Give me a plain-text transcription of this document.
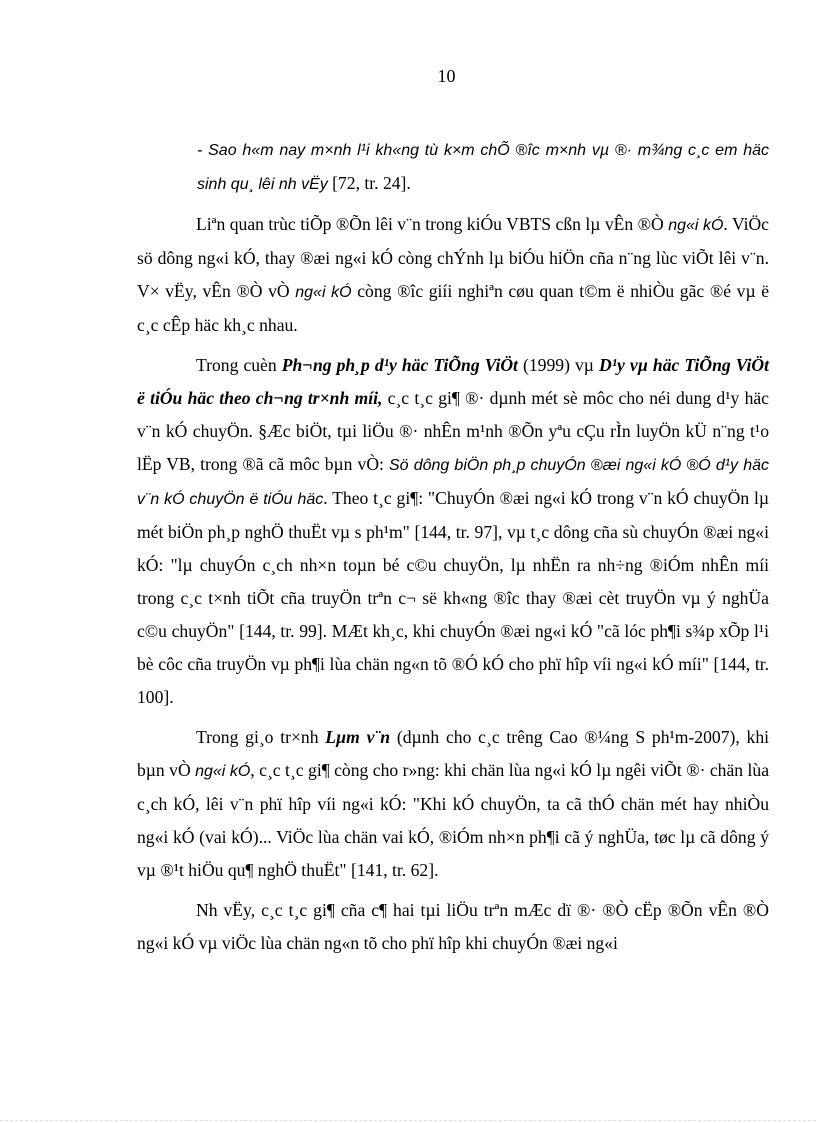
10

- Sao h«m nay m×nh l¹i kh«ng tù k×m chÕ ®îc m×nh vµ ®· m¾ng c¸c em häc sinh qu¸ lêi nh vËy [72, tr. 24].

Liªn quan trùc tiÕp ®Õn lêi v¨n trong kiÓu VBTS cßn lµ vÊn ®Ò ng«i kÓ. ViÖc sö dông ng«i kÓ, thay ®æi ng«i kÓ còng chÝnh lµ biÓu hiÖn cña n¨ng lùc viÕt lêi v¨n. V× vËy, vÊn ®Ò vÒ ng«i kÓ còng ®îc giíi nghiªn cøu quan t©m ë nhiÒu gãc ®é vµ ë c¸c cÊp häc kh¸c nhau.

Trong cuèn Ph¬ng ph¸p d¹y häc TiÕng ViÖt (1999) vµ D¹y vµ häc TiÕng ViÖt ë tiÓu häc theo ch¬ng tr×nh míi, c¸c t¸c gi¶ ®· dµnh mét sè môc cho néi dung d¹y häc v¨n kÓ chuyÖn. §Æc biÖt, tµi liÖu ®· nhÊn m¹nh ®Õn yªu cÇu rÌn luyÖn kÜ n¨ng t¹o lËp VB, trong ®ã cã môc bµn vÒ: Sö dông biÖn ph¸p chuyÓn ®æi ng«i kÓ ®Ó d¹y häc v¨n kÓ chuyÖn ë tiÓu häc. Theo t¸c gi¶: "ChuyÓn ®æi ng«i kÓ trong v¨n kÓ chuyÖn lµ mét biÖn ph¸p nghÖ thuËt vµ s ph¹m" [144, tr. 97], vµ t¸c dông cña sù chuyÓn ®æi ng«i kÓ: "lµ chuyÓn c¸ch nh×n toµn bé c©u chuyÖn, lµ nhËn ra nh÷ng ®iÓm nhÊn míi trong c¸c t×nh tiÕt cña truyÖn trªn c¬ së kh«ng ®îc thay ®æi cèt truyÖn vµ ý nghÜa c©u chuyÖn" [144, tr. 99]. MÆt kh¸c, khi chuyÓn ®æi ng«i kÓ "cã lóc ph¶i s¾p xÕp l¹i bè côc cña truyÖn vµ ph¶i lùa chän ng«n tõ ®Ó kÓ cho phï hîp víi ng«i kÓ míi" [144, tr. 100].

Trong gi¸o tr×nh Lµm v¨n (dµnh cho c¸c trêng Cao ®¼ng S ph¹m-2007), khi bµn vÒ ng«i kÓ, c¸c t¸c gi¶ còng cho r»ng: khi chän lùa ng«i kÓ lµ ngêi viÕt ®· chän lùa c¸ch kÓ, lêi v¨n phï hîp víi ng«i kÓ: "Khi kÓ chuyÖn, ta cã thÓ chän mét hay nhiÒu ng«i kÓ (vai kÓ)... ViÖc lùa chän vai kÓ, ®iÓm nh×n ph¶i cã ý nghÜa, tøc lµ cã dông ý vµ ®¹t hiÖu qu¶ nghÖ thuËt" [141, tr. 62].

Nh vËy, c¸c t¸c gi¶ cña c¶ hai tµi liÖu trªn mÆc dï ®· ®Ò cËp ®Õn vÊn ®Ò ng«i kÓ vµ viÖc lùa chän ng«n tõ cho phï hîp khi chuyÓn ®æi ng«i
